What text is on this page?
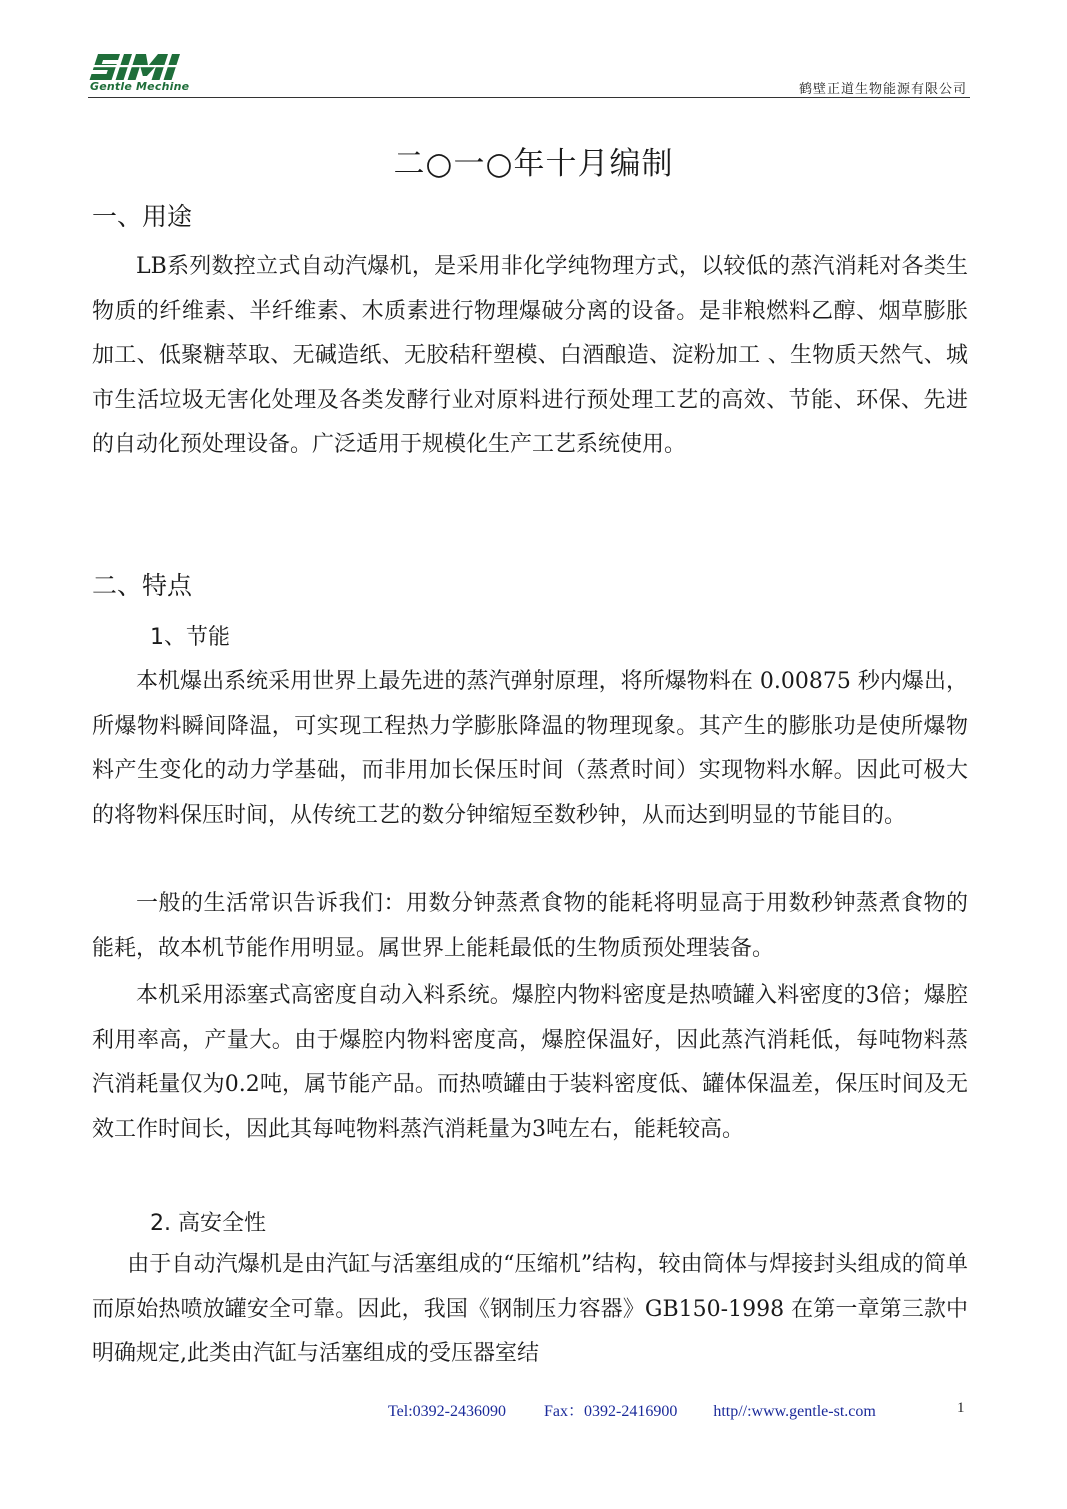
Gentle Mechine	鹤壁正道生物能源有限公司
二○一○年十月编制
一、用途

LB系列数控立式自动汽爆机，是采用非化学纯物理方式，以较低的蒸汽消耗对各类生物质的纤维素、半纤维素、木质素进行物理爆破分离的设备。是非粮燃料乙醇、烟草膨胀加工、低聚糖萃取、无碱造纸、无胶秸秆塑模、白酒酿造、淀粉加工 、生物质天然气、城市生活垃圾无害化处理及各类发酵行业对原料进行预处理工艺的高效、节能、环保、先进的自动化预处理设备。广泛适用于规模化生产工艺系统使用。

二、特点
1、节能

本机爆出系统采用世界上最先进的蒸汽弹射原理，将所爆物料在 0.00875 秒内爆出，所爆物料瞬间降温，可实现工程热力学膨胀降温的物理现象。其产生的膨胀功是使所爆物料产生变化的动力学基础，而非用加长保压时间（蒸煮时间）实现物料水解。因此可极大的将物料保压时间，从传统工艺的数分钟缩短至数秒钟，从而达到明显的节能目的。

一般的生活常识告诉我们：用数分钟蒸煮食物的能耗将明显高于用数秒钟蒸煮食物的能耗，故本机节能作用明显。属世界上能耗最低的生物质预处理装备。

本机采用添塞式高密度自动入料系统。爆腔内物料密度是热喷罐入料密度的3倍；爆腔利用率高，产量大。由于爆腔内物料密度高，爆腔保温好，因此蒸汽消耗低，每吨物料蒸汽消耗量仅为0.2吨，属节能产品。而热喷罐由于装料密度低、罐体保温差，保压时间及无效工作时间长，因此其每吨物料蒸汽消耗量为3吨左右，能耗较高。

2. 高安全性

由于自动汽爆机是由汽缸与活塞组成的“压缩机”结构，较由筒体与焊接封头组成的简单而原始热喷放罐安全可靠。因此，我国《钢制压力容器》GB150-1998 在第一章第三款中明确规定,此类由汽缸与活塞组成的受压器室结

Tel:0392-2436090 Fax：0392-2416900 http//:www.gentle-st.com	1
